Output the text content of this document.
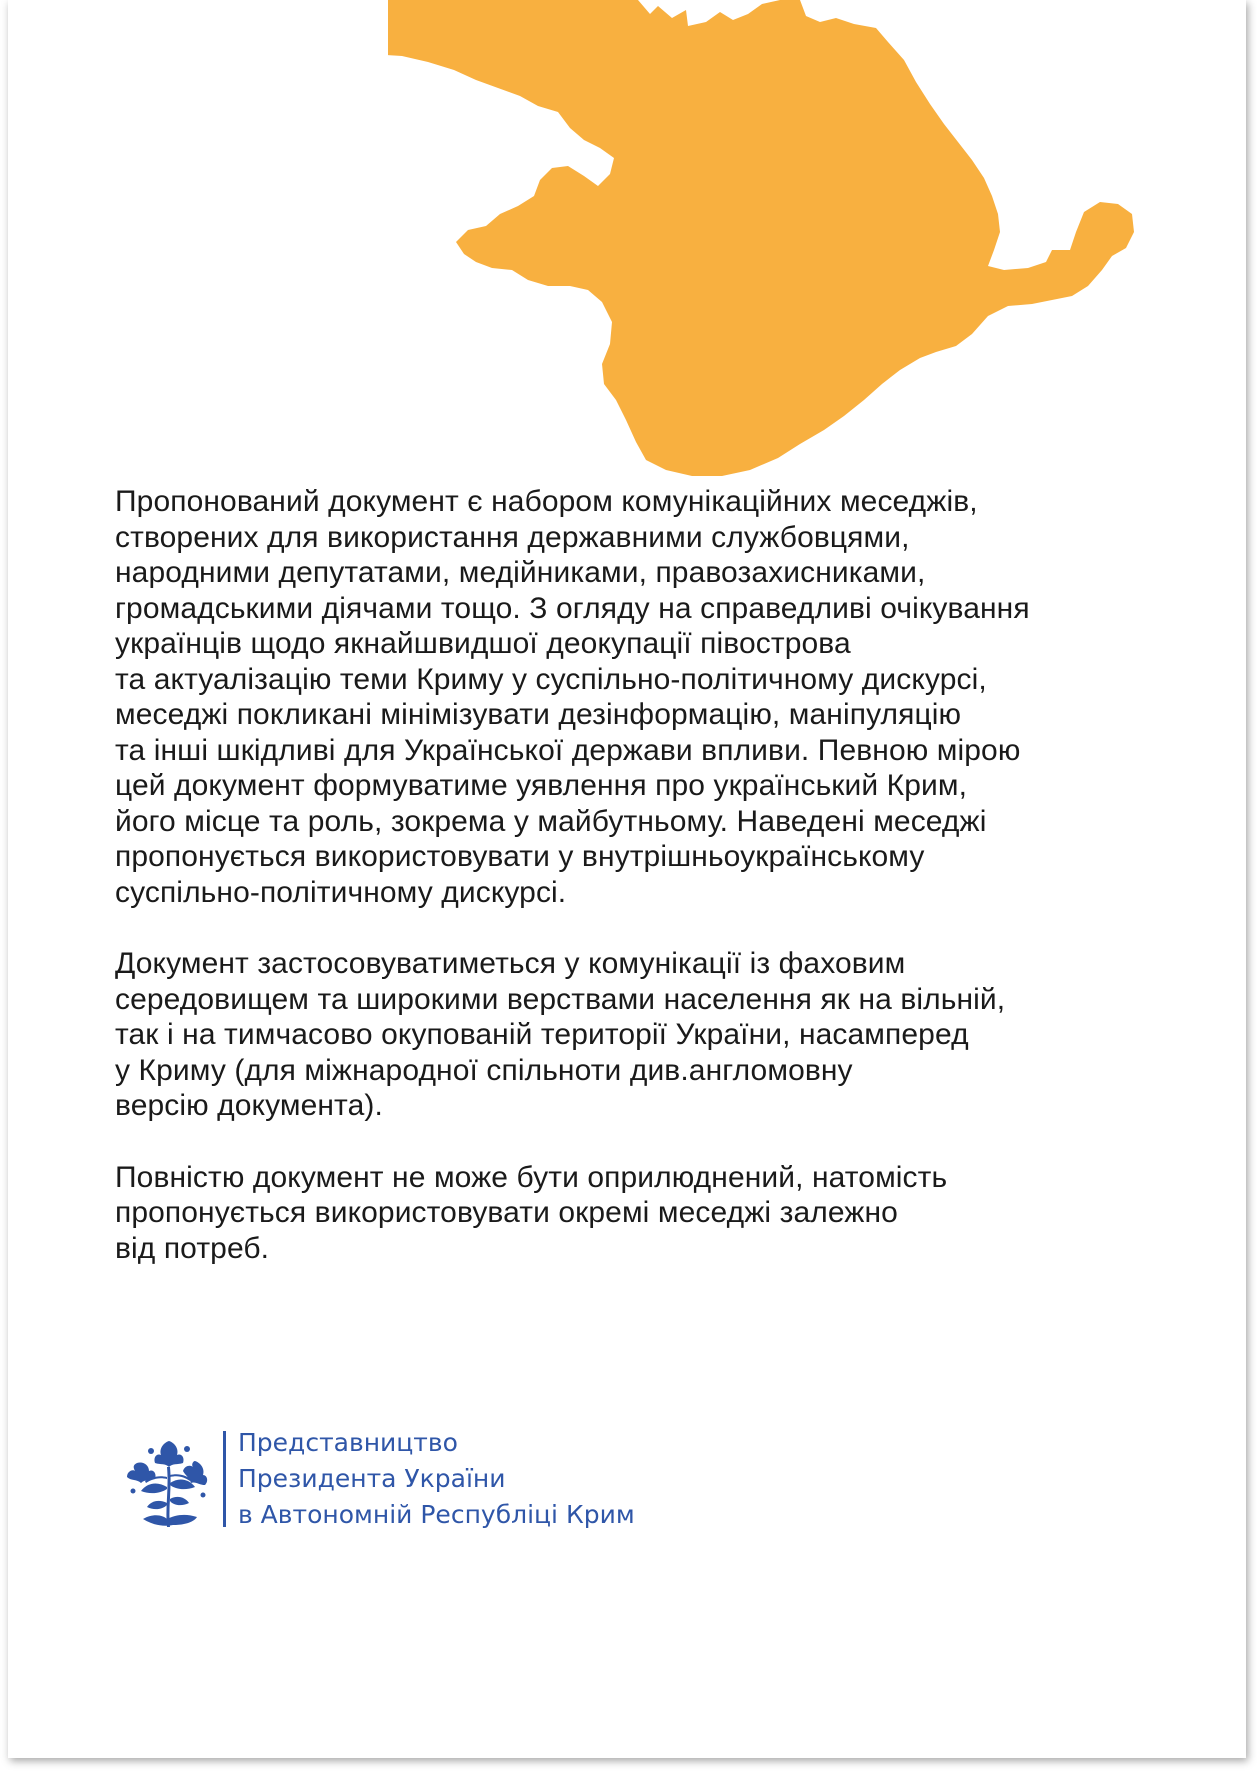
Пропонований документ є набором комунікаційних меседжів,
створених для використання державними службовцями,
народними депутатами, медійниками, правозахисниками,
громадськими діячами тощо. З огляду на справедливі очікування
українців щодо якнайшвидшої деокупації півострова
та актуалізацію теми Криму у суспільно-політичному дискурсі,
меседжі покликані мінімізувати дезінформацію, маніпуляцію
та інші шкідливі для Української держави впливи. Певною мірою
цей документ формуватиме уявлення про український Крим,
його місце та роль, зокрема у майбутньому. Наведені меседжі
пропонується використовувати у внутрішньоукраїнському
суспільно-політичному дискурсі.

Документ застосовуватиметься у комунікації із фаховим
середовищем та широкими верствами населення як на вільній,
так і на тимчасово окупованій території України, насамперед
у Криму (для міжнародної спільноти див.англомовну
версію документа).

Повністю документ не може бути оприлюднений, натомість
пропонується використовувати окремі меседжі залежно
від потреб.

Представництво
Президента України
в Автономній Республіці Крим
